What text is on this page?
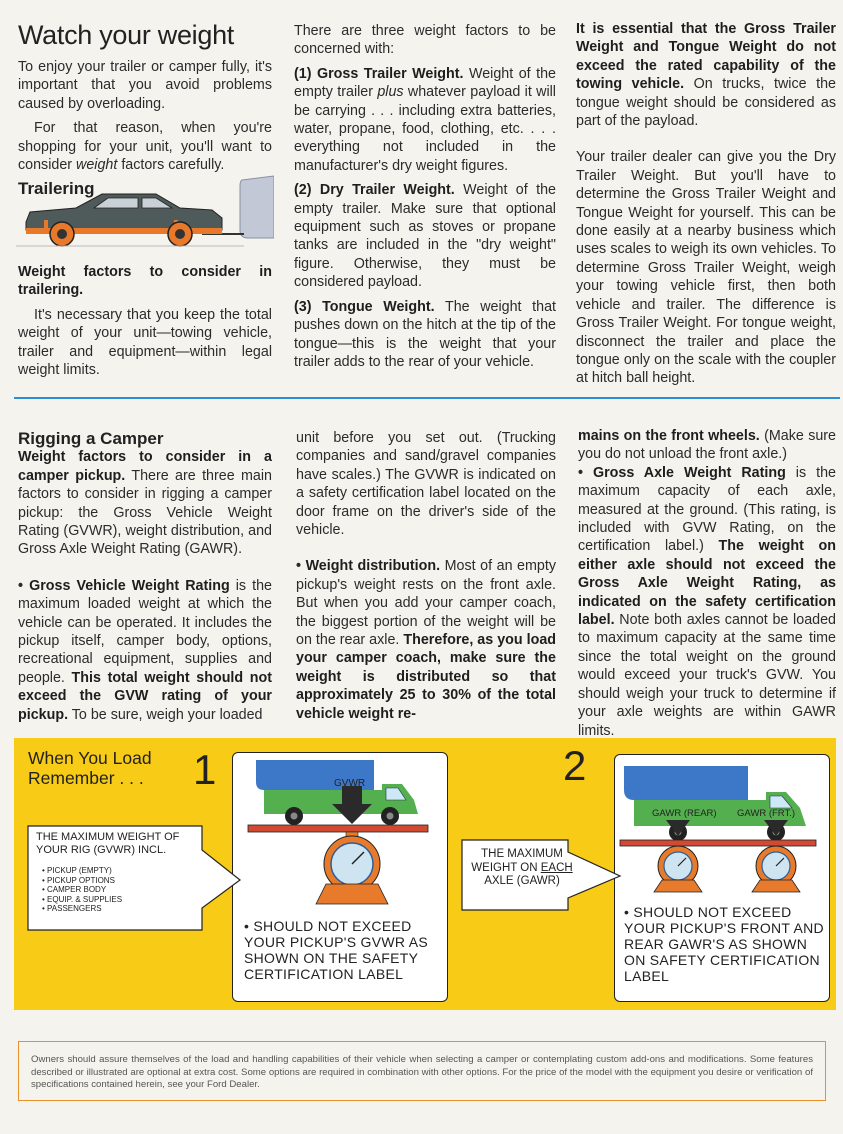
Watch your weight

To enjoy your trailer or camper fully, it's important that you avoid problems caused by overloading.

For that reason, when you're shopping for your unit, you'll want to consider weight factors carefully.

Trailering

Weight factors to consider in trailering.

It's necessary that you keep the total weight of your unit—towing vehicle, trailer and equipment—within legal weight limits.

There are three weight factors to be concerned with:

(1) Gross Trailer Weight. Weight of the empty trailer plus whatever payload it will be carrying . . . including extra batteries, water, propane, food, clothing, etc. . . . everything not included in the manufacturer's dry weight figures.

(2) Dry Trailer Weight. Weight of the empty trailer. Make sure that optional equipment such as stoves or propane tanks are included in the "dry weight" figure. Otherwise, they must be considered payload.

(3) Tongue Weight. The weight that pushes down on the hitch at the tip of the tongue—this is the weight that your trailer adds to the rear of your vehicle.

It is essential that the Gross Trailer Weight and Tongue Weight do not exceed the rated capability of the towing vehicle. On trucks, twice the tongue weight should be considered as part of the payload.

Your trailer dealer can give you the Dry Trailer Weight. But you'll have to determine the Gross Trailer Weight and Tongue Weight for yourself. This can be done easily at a nearby business which uses scales to weigh its own vehicles. To determine Gross Trailer Weight, weigh your towing vehicle first, then both vehicle and trailer. The difference is Gross Trailer Weight. For tongue weight, disconnect the trailer and place the tongue only on the scale with the coupler at hitch ball height.

Rigging a Camper

Weight factors to consider in a camper pickup. There are three main factors to consider in rigging a camper pickup: the Gross Vehicle Weight Rating (GVWR), weight distribution, and Gross Axle Weight Rating (GAWR).

• Gross Vehicle Weight Rating is the maximum loaded weight at which the vehicle can be operated. It includes the pickup itself, camper body, options, recreational equipment, supplies and people. This total weight should not exceed the GVW rating of your pickup. To be sure, weigh your loaded

unit before you set out. (Trucking companies and sand/gravel companies have scales.) The GVWR is indicated on a safety certification label located on the door frame on the driver's side of the vehicle.

• Weight distribution. Most of an empty pickup's weight rests on the front axle. But when you add your camper coach, the biggest portion of the weight will be on the rear axle. Therefore, as you load your camper coach, make sure the weight is distributed so that approximately 25 to 30% of the total vehicle weight re-

mains on the front wheels. (Make sure you do not unload the front axle.)

• Gross Axle Weight Rating is the maximum capacity of each axle, measured at the ground. (This rating, is included with GVW Rating, on the certification label.) The weight on either axle should not exceed the Gross Axle Weight Rating, as indicated on the safety certification label. Note both axles cannot be loaded to maximum capacity at the same time since the total weight on the ground would exceed your truck's GVW. You should weigh your truck to determine if your axle weights are within GAWR limits.

When You Load
Remember . . . 1	2
GVWR
• SHOULD NOT EXCEED YOUR PICKUP'S GVWR AS SHOWN ON THE SAFETY CERTIFICATION LABEL
THE MAXIMUM WEIGHT OF YOUR RIG (GVWR) INCL.
• PICKUP (EMPTY)
• PICKUP OPTIONS
• CAMPER BODY
• EQUIP. & SUPPLIES
• PASSENGERS
GAWR (REAR) GAWR (FRT.)
• SHOULD NOT EXCEED YOUR PICKUP'S FRONT AND REAR GAWR'S AS SHOWN ON SAFETY CERTIFICATION LABEL
THE MAXIMUM WEIGHT ON EACH AXLE (GAWR)
Owners should assure themselves of the load and handling capabilities of their vehicle when selecting a camper or contemplating custom add-ons and modifications. Some features described or illustrated are optional at extra cost. Some options are required in combination with other options. For the price of the model with the equipment you desire or verification of specifications contained herein, see your Ford Dealer.
